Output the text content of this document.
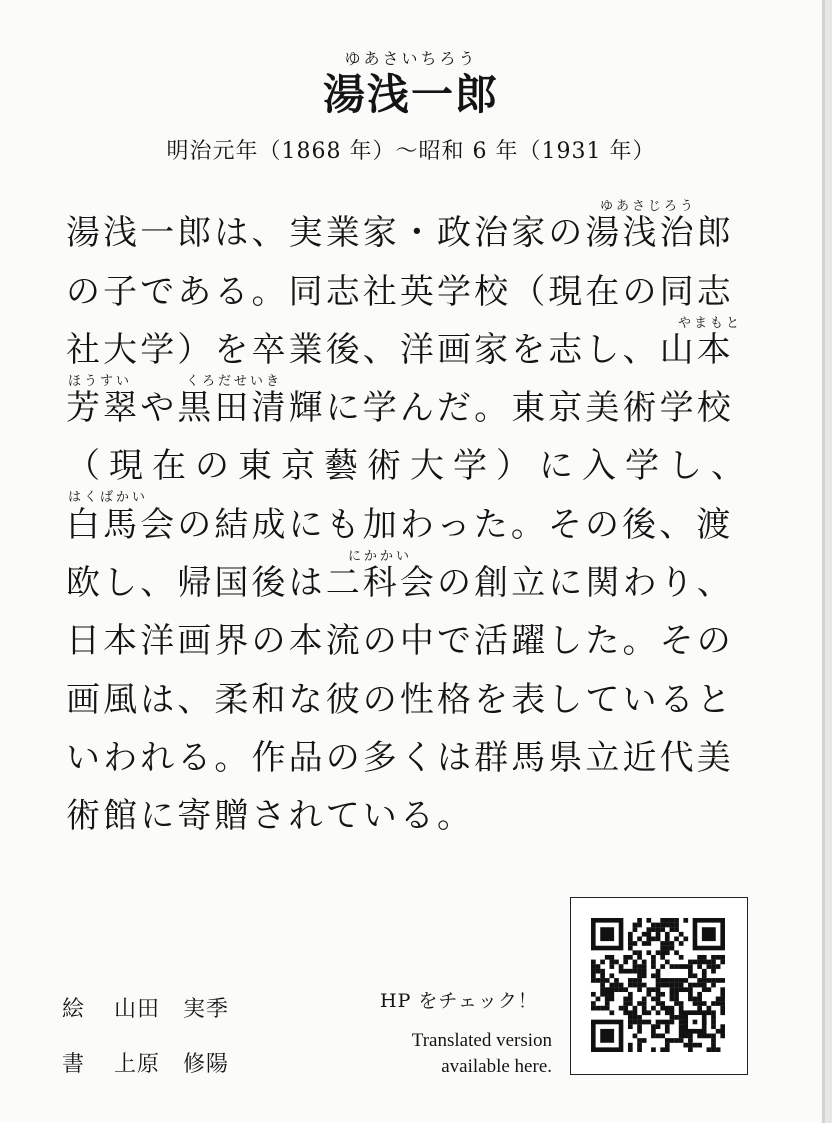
ゆあさいちろう
湯浅一郎
明治元年（1868 年）〜昭和 6 年（1931 年）
ゆあさじろう
湯浅一郎は、実業家・政治家の湯浅治郎
の子である。同志社英学校（現在の同志
やまもと
社大学）を卒業後、洋画家を志し、山本
ほうすい	くろだせいき
芳翠や黒田清輝に学んだ。東京美術学校
（現在の東京藝術大学）に入学し、
はくばかい
白馬会の結成にも加わった。その後、渡
にかかい
欧し、帰国後は二科会の創立に関わり、
日本洋画界の本流の中で活躍した。その
画風は、柔和な彼の性格を表していると
いわれる。作品の多くは群馬県立近代美
術館に寄贈されている。
絵 山田　実季
書 上原　修陽
HP をチェック！
Translated version
available here.
